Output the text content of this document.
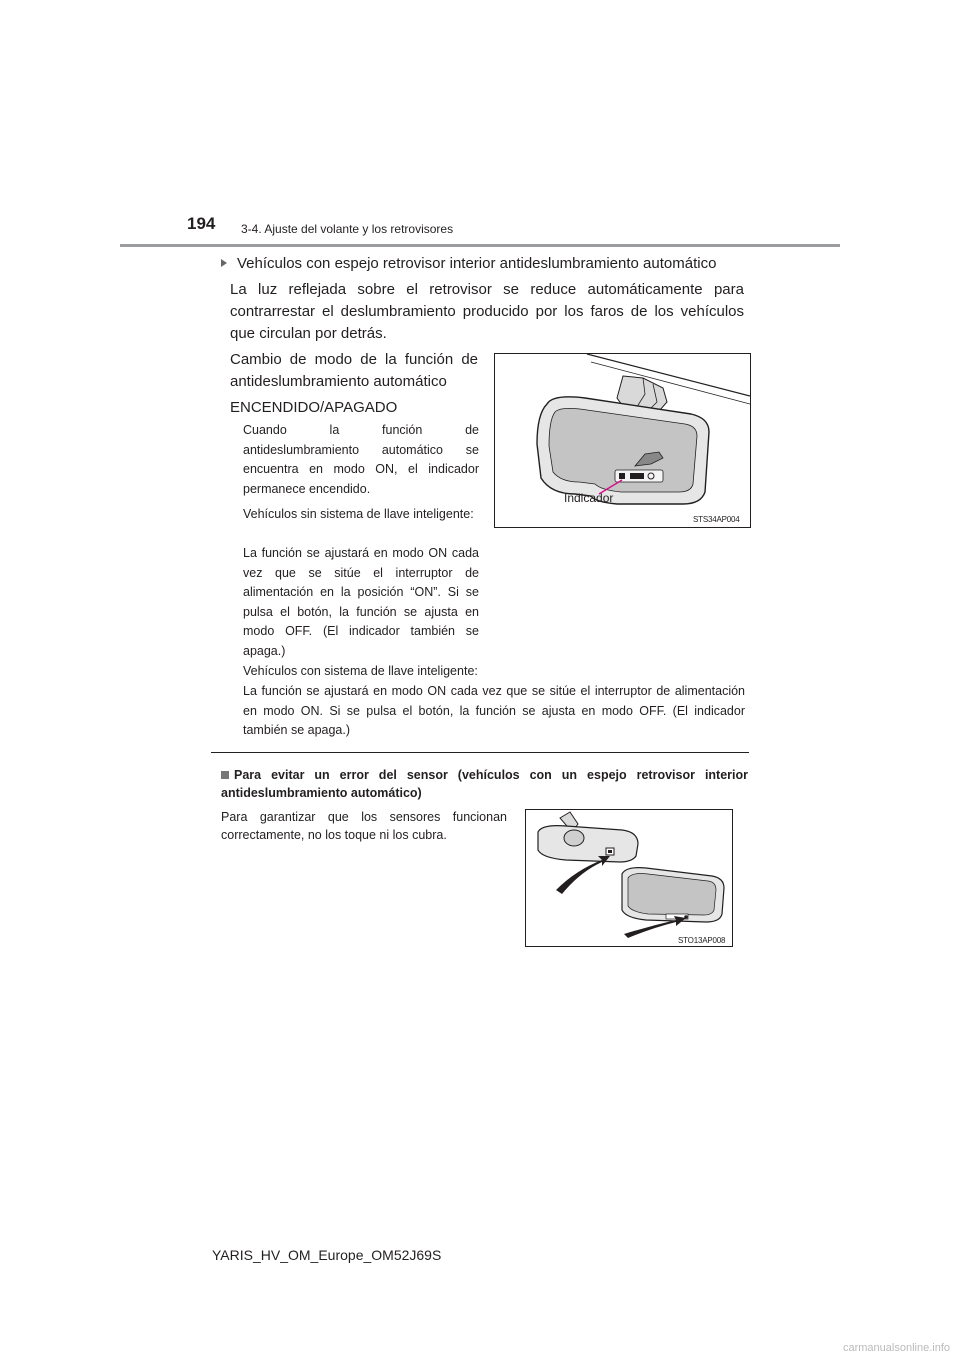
194 3-4. Ajuste del volante y los retrovisores
Vehículos con espejo retrovisor interior antideslumbramiento automático
La luz reflejada sobre el retrovisor se reduce automáticamente para contrarrestar el deslumbramiento producido por los faros de los vehículos que circulan por detrás.
Cambio de modo de la función de antideslumbramiento automático
ENCENDIDO/APAGADO
Cuando la función de antideslumbramiento automático se encuentra en modo ON, el indicador permanece encendido.
Vehículos sin sistema de llave inteligente:
La función se ajustará en modo ON cada vez que se sitúe el interruptor de alimentación en la posición “ON”. Si se pulsa el botón, la función se ajusta en modo OFF. (El indicador también se apaga.)
Vehículos con sistema de llave inteligente:
La función se ajustará en modo ON cada vez que se sitúe el interruptor de alimentación en modo ON. Si se pulsa el botón, la función se ajusta en modo OFF. (El indicador también se apaga.)
Indicador
STS34AP004
Para evitar un error del sensor (vehículos con un espejo retrovisor interior antideslumbramiento automático)
Para garantizar que los sensores funcionan correctamente, no los toque ni los cubra.
STO13AP008
YARIS_HV_OM_Europe_OM52J69S
carmanualsonline.info
